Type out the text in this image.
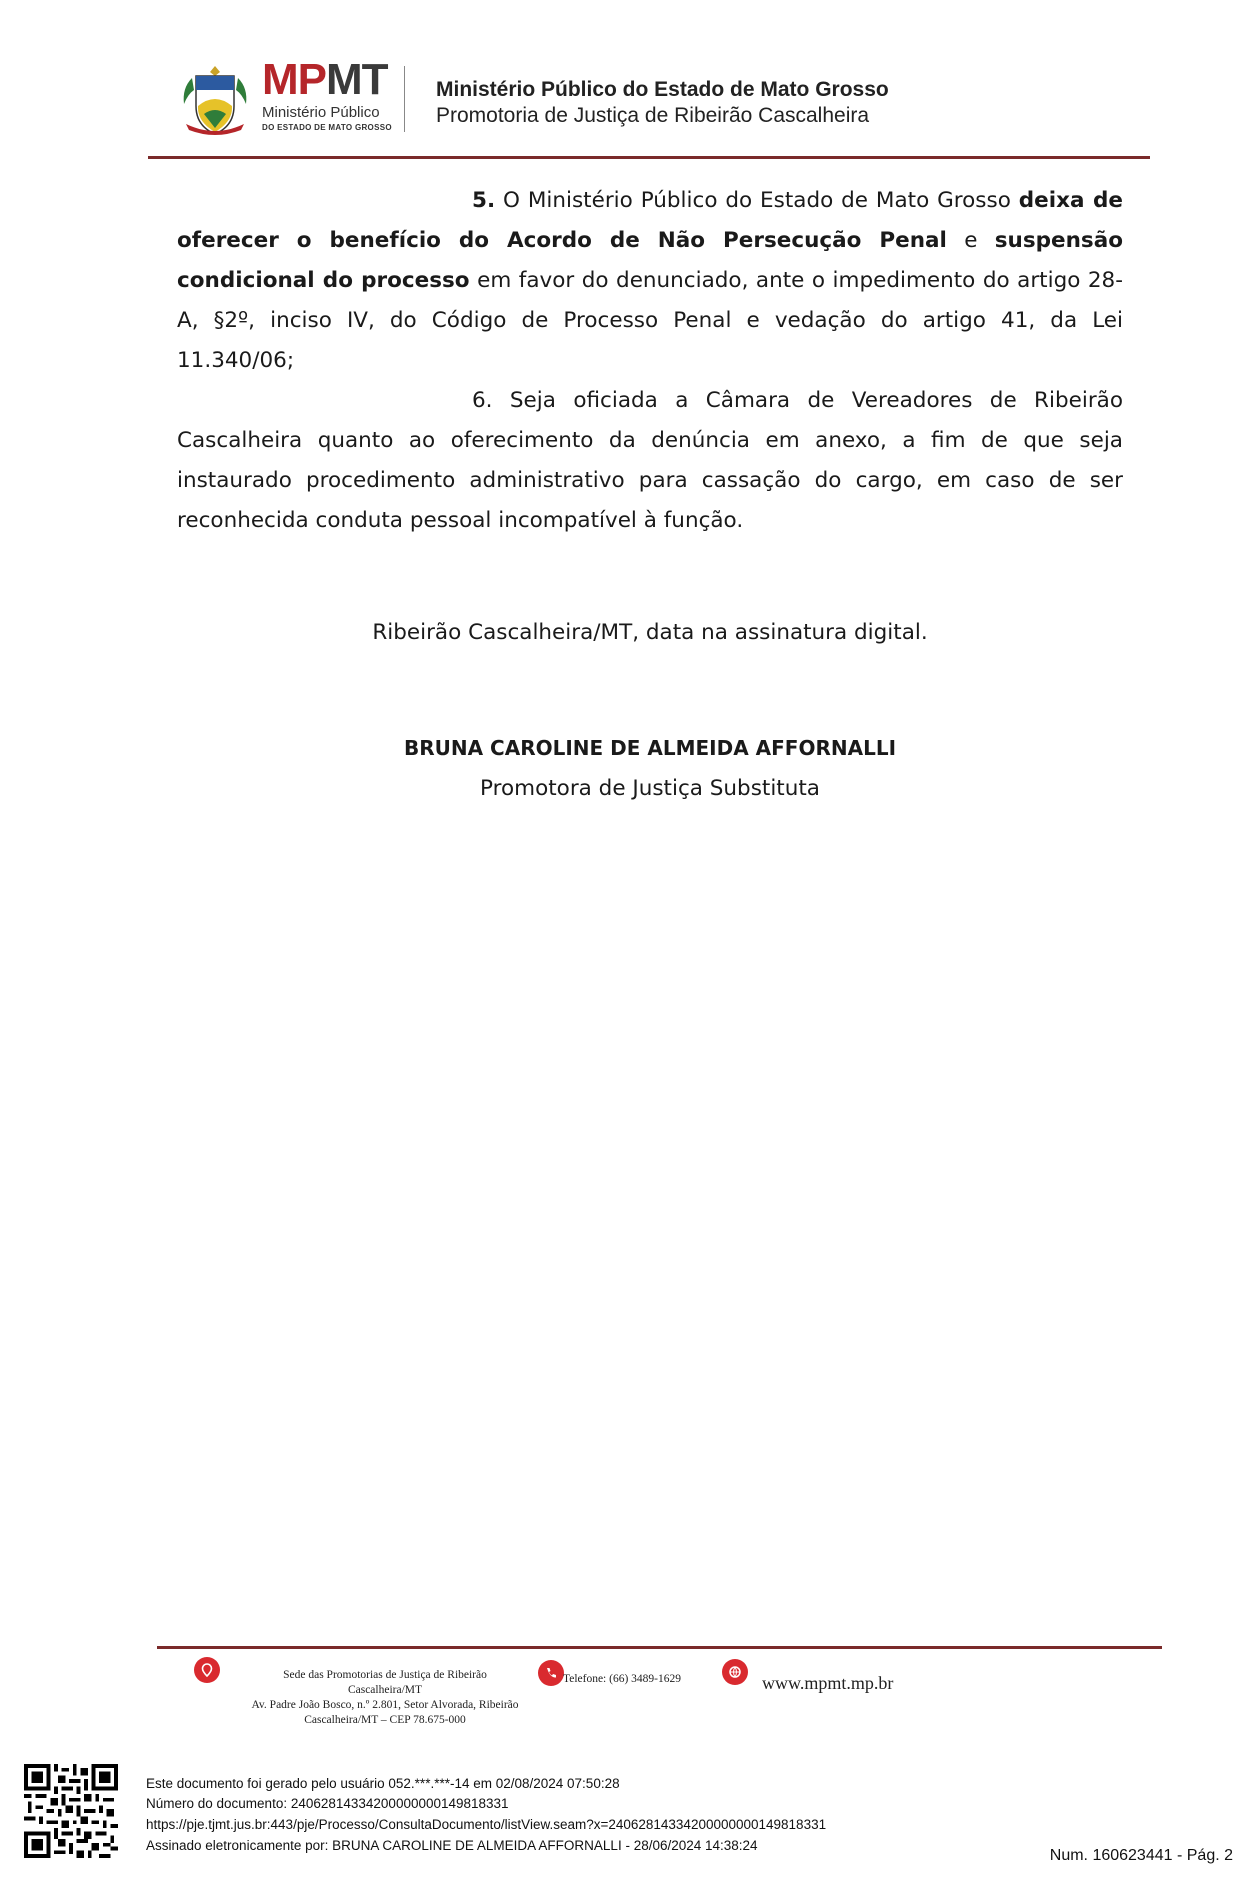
MPMT
Ministério Público
DO ESTADO DE MATO GROSSO
Ministério Público do Estado de Mato Grosso
Promotoria de Justiça de Ribeirão Cascalheira
5. O Ministério Público do Estado de Mato Grosso deixa de oferecer o benefício do Acordo de Não Persecução Penal e suspensão condicional do processo em favor do denunciado, ante o impedimento do artigo 28-A, §2º, inciso IV, do Código de Processo Penal e vedação do artigo 41, da Lei 11.340/06;
6. Seja oficiada a Câmara de Vereadores de Ribeirão Cascalheira quanto ao oferecimento da denúncia em anexo, a fim de que seja instaurado procedimento administrativo para cassação do cargo, em caso de ser reconhecida conduta pessoal incompatível à função.
Ribeirão Cascalheira/MT, data na assinatura digital.
BRUNA CAROLINE DE ALMEIDA AFFORNALLI
Promotora de Justiça Substituta
Sede das Promotorias de Justiça de Ribeirão
Cascalheira/MT
Av. Padre João Bosco, n.º 2.801, Setor Alvorada, Ribeirão
Cascalheira/MT – CEP 78.675-000
Telefone: (66) 3489-1629	www.mpmt.mp.br
Este documento foi gerado pelo usuário 052.***.***-14 em 02/08/2024 07:50:28
Número do documento: 24062814334200000000149818331
https://pje.tjmt.jus.br:443/pje/Processo/ConsultaDocumento/listView.seam?x=24062814334200000000149818331
Assinado eletronicamente por: BRUNA CAROLINE DE ALMEIDA AFFORNALLI - 28/06/2024 14:38:24
Num. 160623441 - Pág. 2
